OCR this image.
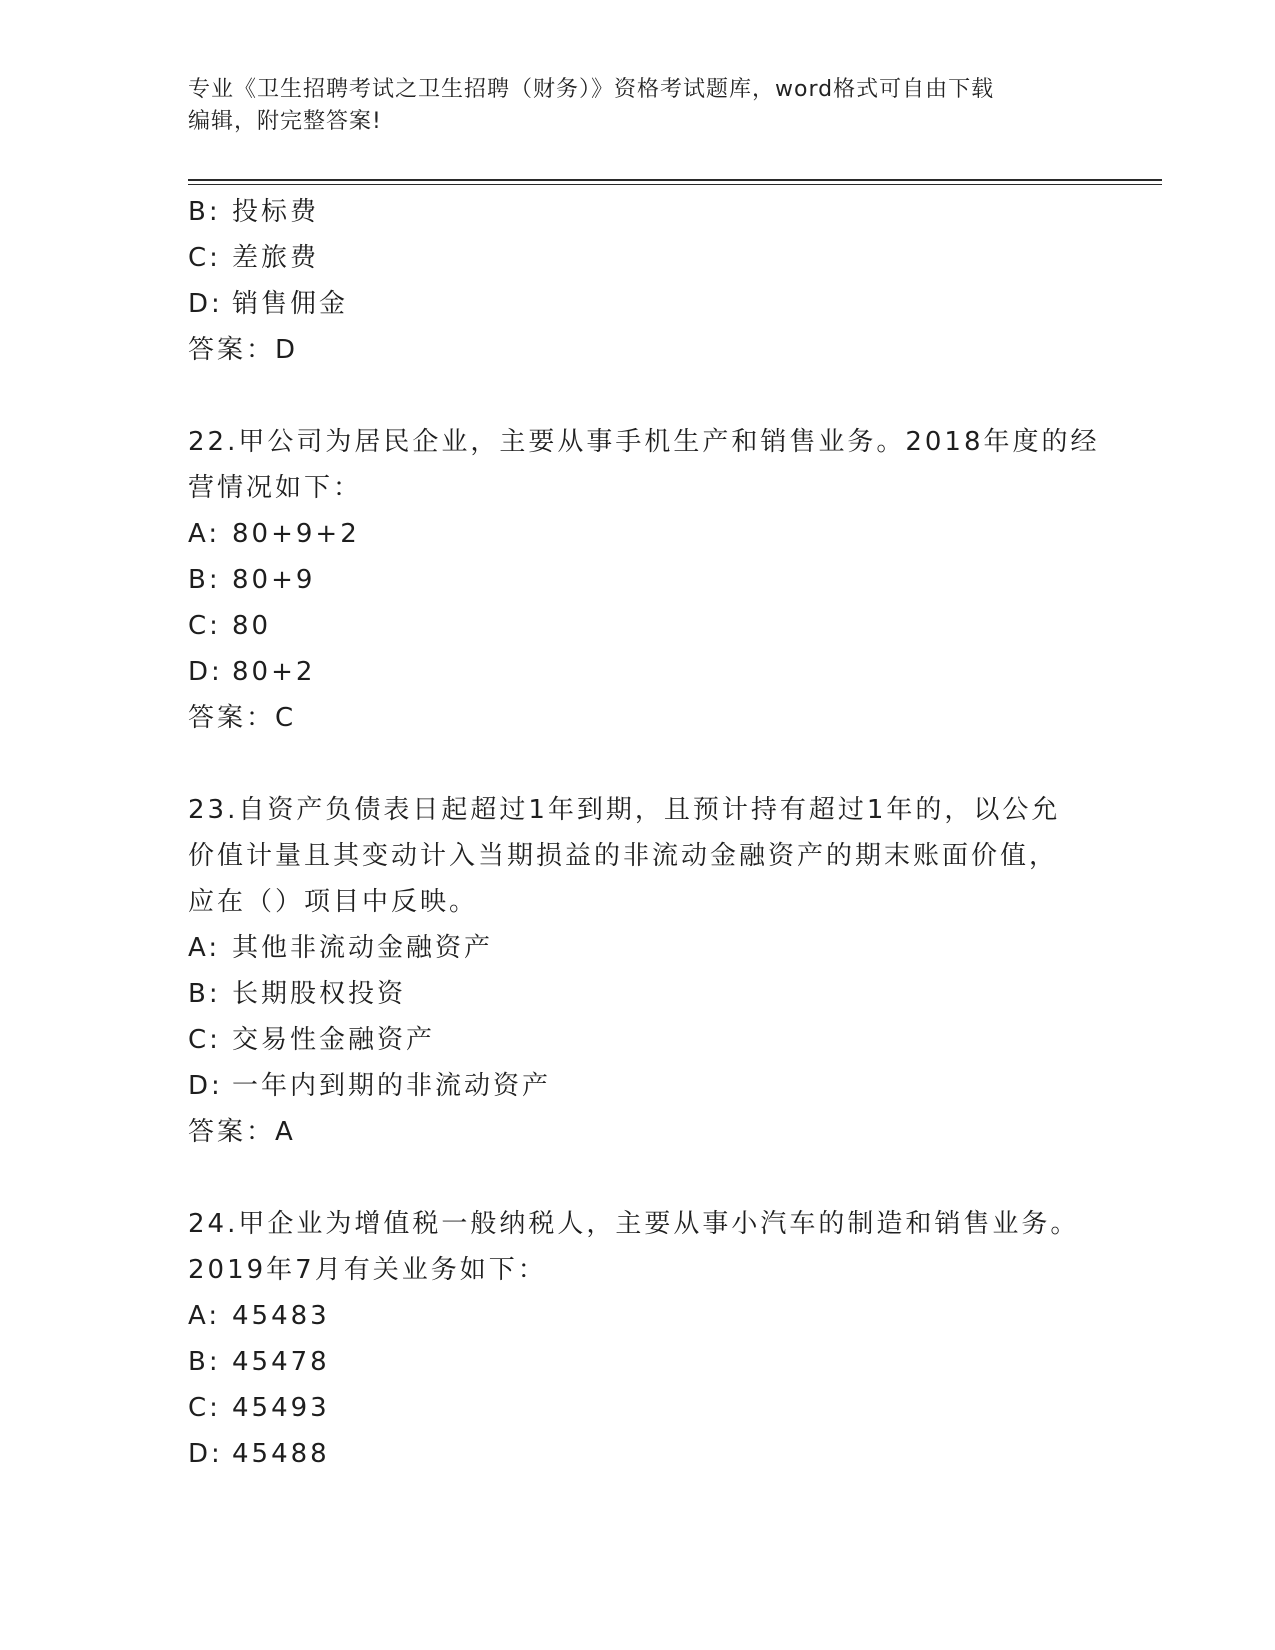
专业《卫生招聘考试之卫生招聘（财务）》资格考试题库，word格式可自由下载
编辑，附完整答案!
B: 投标费
C: 差旅费
D: 销售佣金
答案：D
22.甲公司为居民企业，主要从事手机生产和销售业务。2018年度的经
营情况如下：
A: 80+9+2
B: 80+9
C: 80
D: 80+2
答案：C
23.自资产负债表日起超过1年到期，且预计持有超过1年的，以公允
价值计量且其变动计入当期损益的非流动金融资产的期末账面价值，
应在（）项目中反映。
A: 其他非流动金融资产
B: 长期股权投资
C: 交易性金融资产
D: 一年内到期的非流动资产
答案：A
24.甲企业为增值税一般纳税人，主要从事小汽车的制造和销售业务。
2019年7月有关业务如下：
A: 45483
B: 45478
C: 45493
D: 45488
